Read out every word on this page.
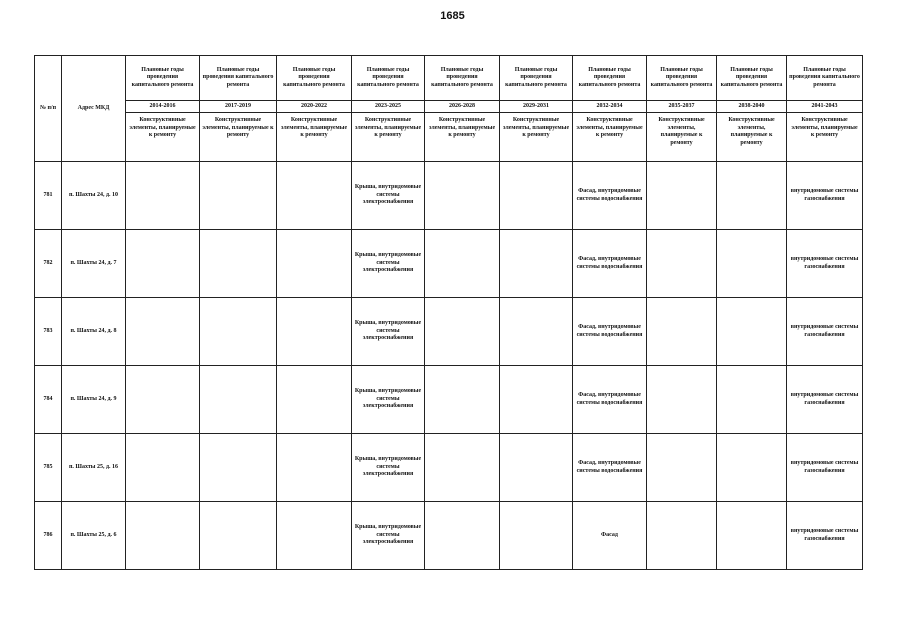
1685
№ п/п	Адрес МКД	Плановые годы проведения капитального ремонта	Плановые годы проведения капитального ремонта	Плановые годы проведения капитального ремонта	Плановые годы проведения капитального ремонта	Плановые годы проведения капитального ремонта	Плановые годы проведения капитального ремонта	Плановые годы проведения капитального ремонта	Плановые годы проведения капитального ремонта	Плановые годы проведения капитального ремонта	Плановые годы проведения капитального ремонта
		2014-2016	2017-2019	2020-2022	2023-2025	2026-2028	2029-2031	2032-2034	2035-2037	2038-2040	2041-2043
		Конструктивные элементы, планируемые к ремонту	Конструктивные элементы, планируемые к ремонту	Конструктивные элементы, планируемые к ремонту	Конструктивные элементы, планируемые к ремонту	Конструктивные элементы, планируемые к ремонту	Конструктивные элементы, планируемые к ремонту	Конструктивные элементы, планируемые к ремонту	Конструктивные элементы, планируемые к ремонту	Конструктивные элементы, планируемые к ремонту	Конструктивные элементы, планируемые к ремонту
781	п. Шахты 24, д. 10				Крыша, внутридомовые системы электроснабжения			Фасад, внутридомовые системы водоснабжения			внутридомовые системы газоснабжения
782	п. Шахты 24, д. 7				Крыша, внутридомовые системы электроснабжения			Фасад, внутридомовые системы водоснабжения			внутридомовые системы газоснабжения
783	п. Шахты 24, д. 8				Крыша, внутридомовые системы электроснабжения			Фасад, внутридомовые системы водоснабжения			внутридомовые системы газоснабжения
784	п. Шахты 24, д. 9				Крыша, внутридомовые системы электроснабжения			Фасад, внутридомовые системы водоснабжения			внутридомовые системы газоснабжения
785	п. Шахты 25, д. 16				Крыша, внутридомовые системы электроснабжения			Фасад, внутридомовые системы водоснабжения			внутридомовые системы газоснабжения
786	п. Шахты 25, д. 6				Крыша, внутридомовые системы электроснабжения			Фасад			внутридомовые системы газоснабжения
